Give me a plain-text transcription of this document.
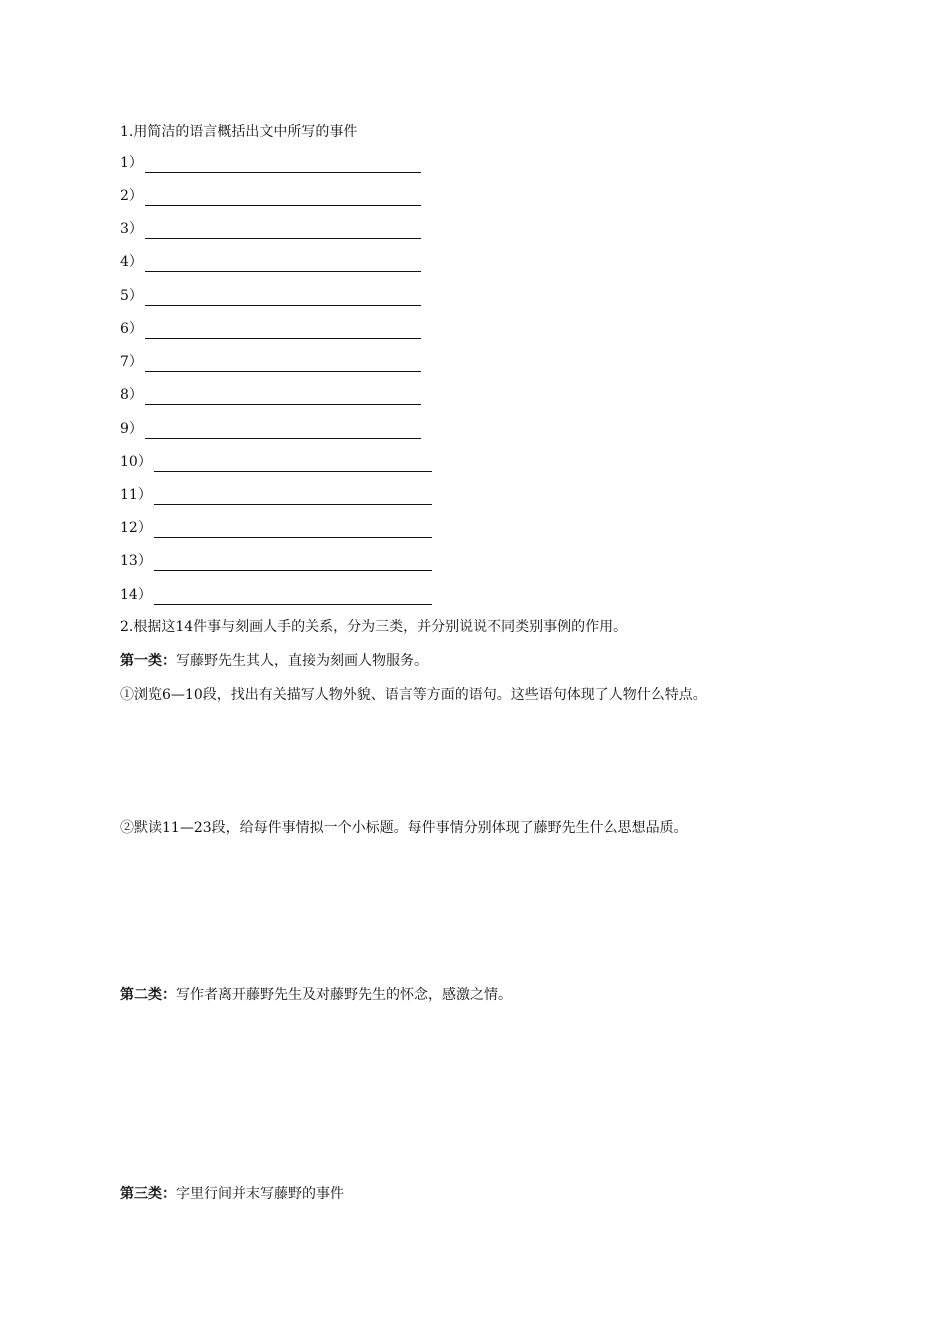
1.用简洁的语言概括出文中所写的事件
1）
2）
3）
4）
5）
6）
7）
8）
9）
10）
11）
12）
13）
14）
2.根据这14件事与刻画人手的关系，分为三类，并分别说说不同类别事例的作用。
第一类：写藤野先生其人，直接为刻画人物服务。
①浏览6—10段，找出有关描写人物外貌、语言等方面的语句。这些语句体现了人物什么特点。
②默读11—23段，给每件事情拟一个小标题。每件事情分别体现了藤野先生什么思想品质。
第二类：写作者离开藤野先生及对藤野先生的怀念，感激之情。
第三类：字里行间并末写藤野的事件
